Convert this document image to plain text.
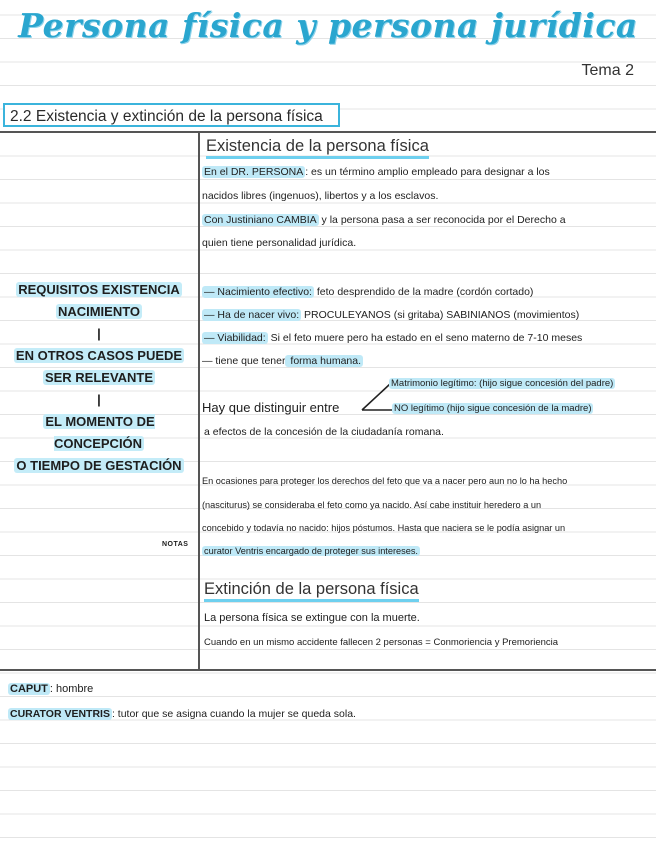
Persona física y persona jurídica
Tema 2
2.2 Existencia y extinción de la persona física
Existencia de la persona física
En el DR. PERSONA : es un término amplio empleado para designar a los
nacidos libres (ingenuos), libertos y a los esclavos.
Con Justiniano CAMBIA y la persona pasa a ser reconocida por el Derecho a
quien tiene personalidad jurídica.
REQUISITOS EXISTENCIA
NACIMIENTO
|
EN OTROS CASOS PUEDE
SER RELEVANTE
|
EL MOMENTO DE CONCEPCIÓN
O TIEMPO DE GESTACIÓN
— Nacimiento efectivo: feto desprendido de la madre (cordón cortado)
— Ha de nacer vivo: PROCULEYANOS (si gritaba) SABINIANOS (movimientos)
— Viabilidad: Si el feto muere pero ha estado en el seno materno de 7-10 meses
— tiene que tener forma humana.
Hay que distinguir entre
Matrimonio legítimo: (hijo sigue concesión del padre)
NO legítimo (hijo sigue concesión de la madre)
a efectos de la concesión de la ciudadanía romana.
En ocasiones para proteger los derechos del feto que va a nacer pero aun no lo ha hecho
(nasciturus) se consideraba el feto como ya nacido. Así cabe instituir heredero a un
concebido y todavía no nacido: hijos póstumos. Hasta que naciera se le podía asignar un
curator Ventris encargado de proteger sus intereses.
NOTAS
Extinción de la persona física
La persona física se extingue con la muerte.
Cuando en un mismo accidente fallecen 2 personas = Conmoriencia y Premoriencia
CAPUT : hombre
CURATOR VENTRIS : tutor que se asigna cuando la mujer se queda sola.
